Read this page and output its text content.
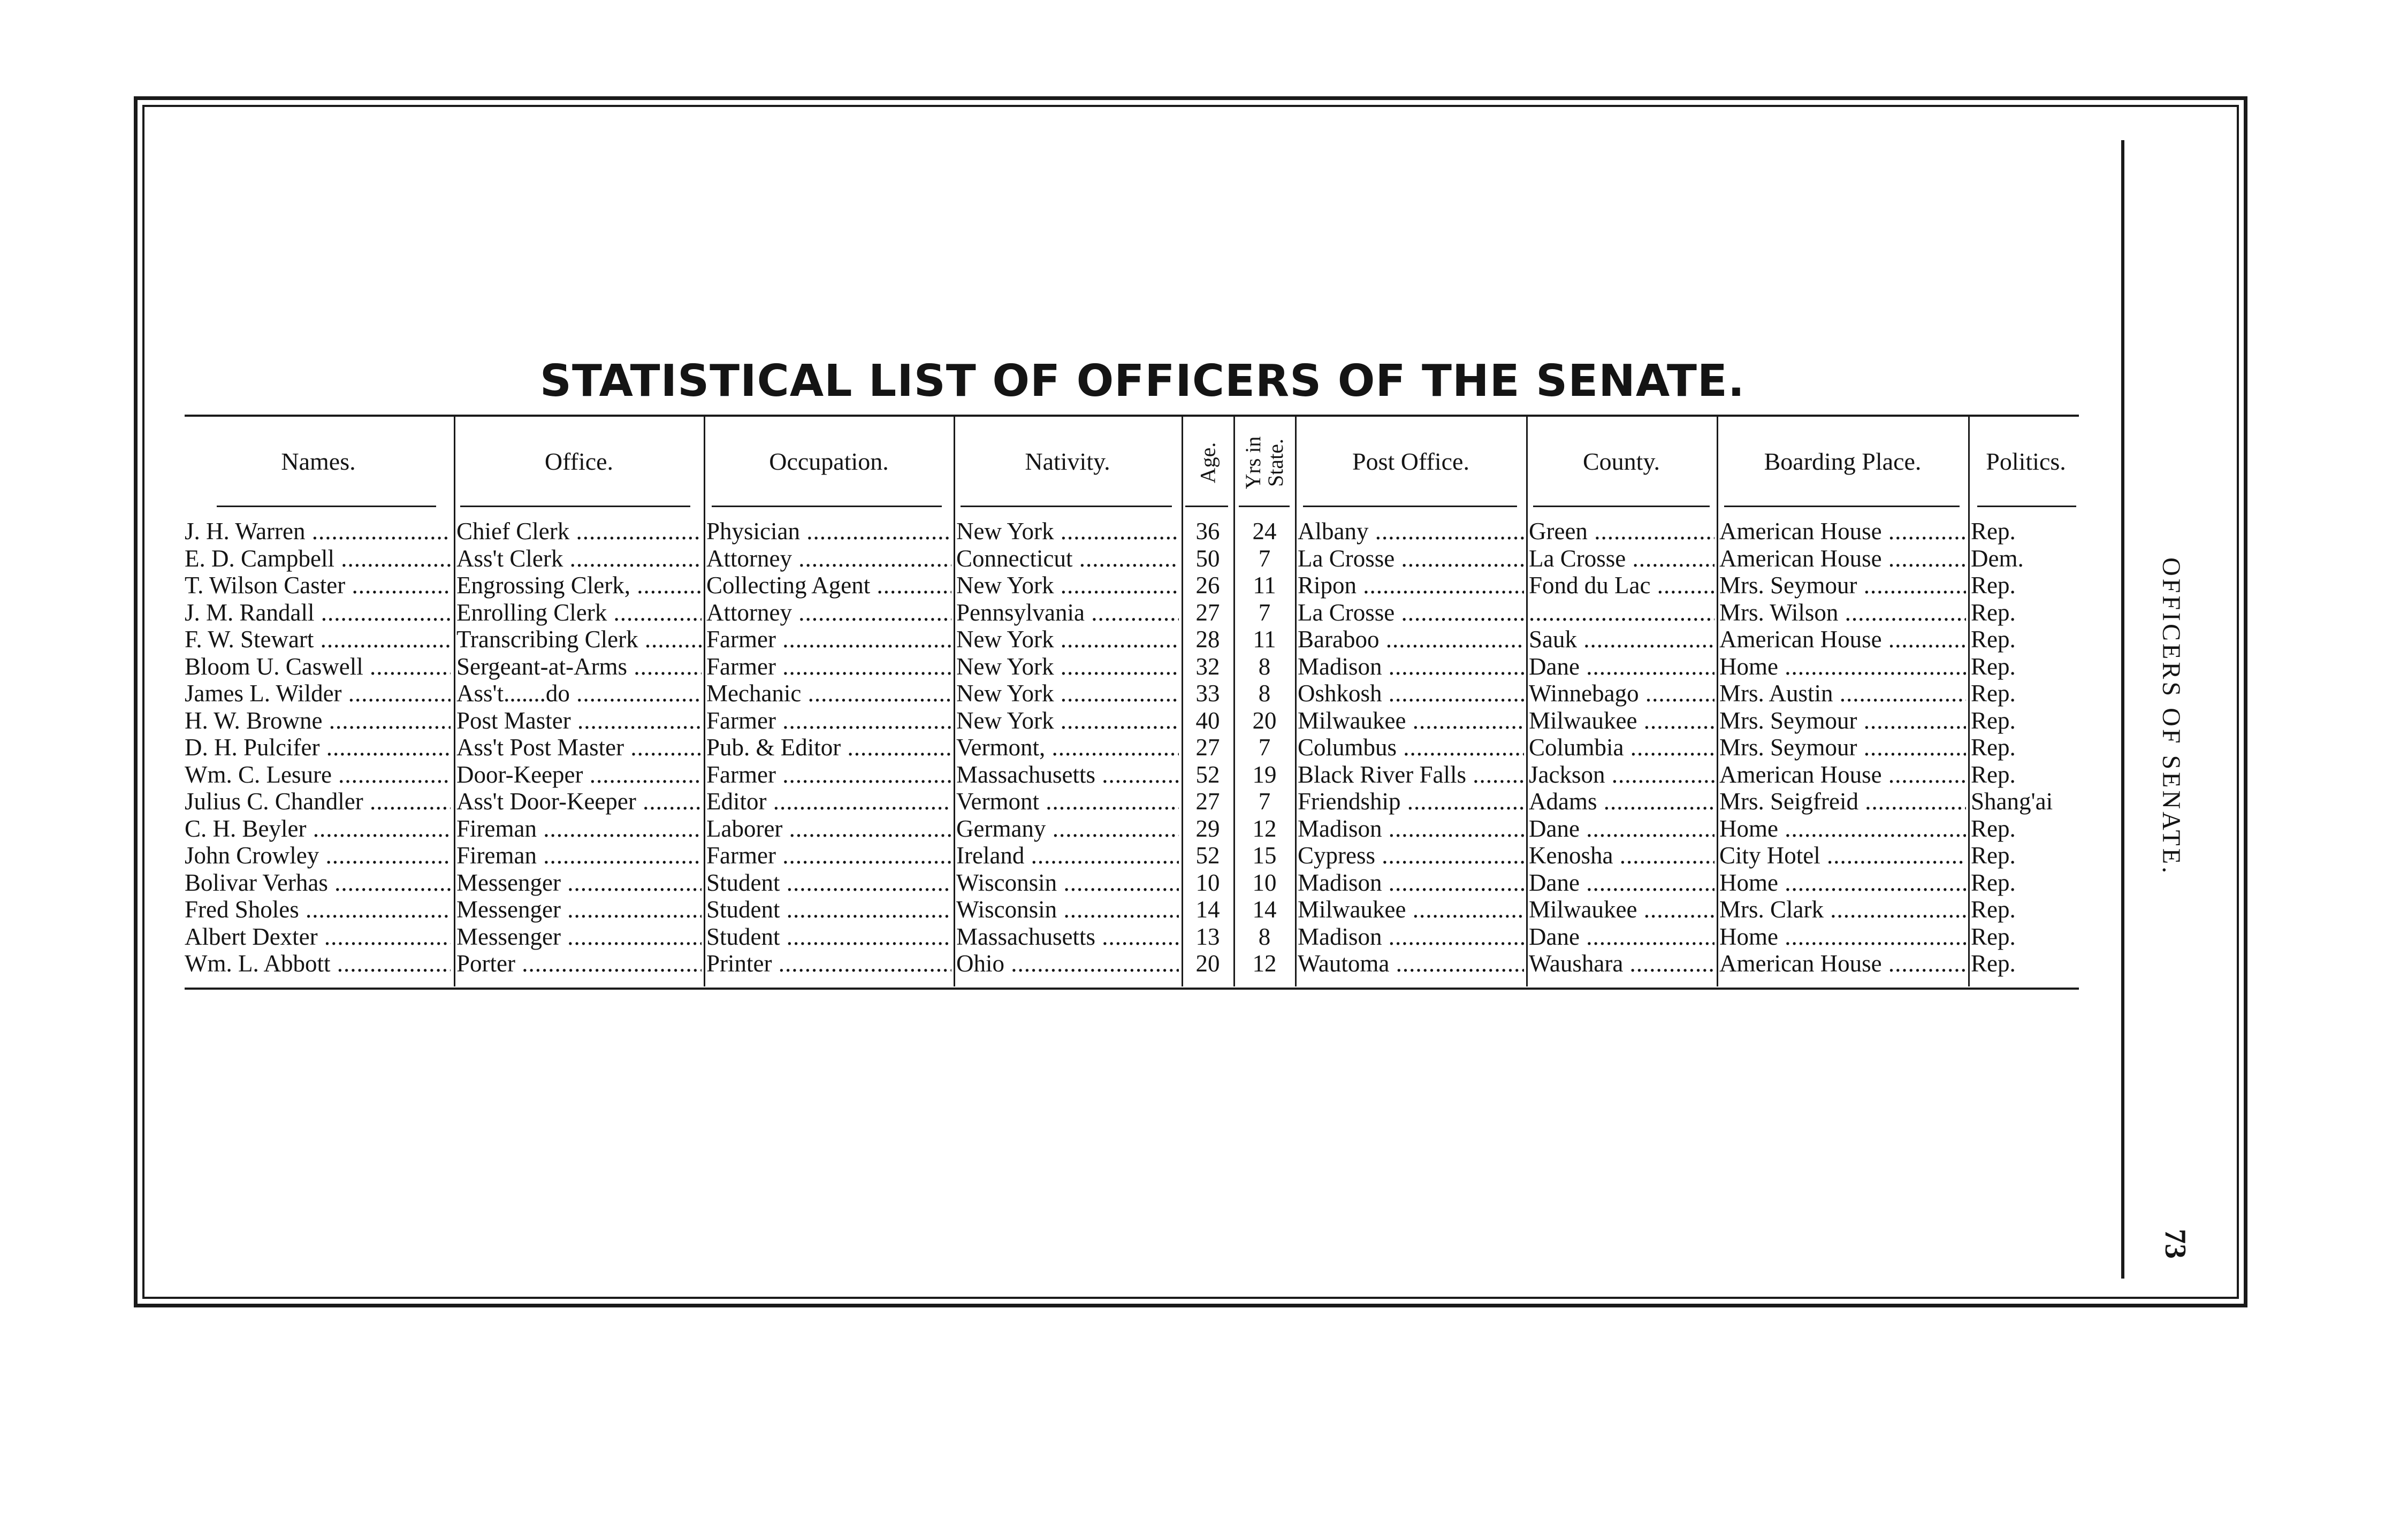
OFFICERS OF SENATE.
73
STATISTICAL LIST OF OFFICERS OF THE SENATE.
Names.	Office.	Occupation.	Nativity.	Age. Yrs in State.	Post Office.	County.	Boarding Place.	Politics.
J. H. Warren .....	Chief Clerk .....	Physician .....	New York .....	36	24 Albany .....	Green .....	American House .....	Rep.
E. D. Campbell .....	Ass't Clerk .....	Attorney .....	Connecticut .....	50	7	La Crosse .....	La Crosse .....	American House .....	Dem.
T. Wilson Caster .....	Engrossing Clerk, .....	Collecting Agent .....	New York .....	26	11 Ripon .....	Fond du Lac .....	Mrs. Seymour .....	Rep.
J. M. Randall .....	Enrolling Clerk .....	Attorney .....	Pennsylvania .....	27	7	La Crosse .....
.....	Mrs. Wilson .....	Rep.
F. W. Stewart .....	Transcribing Clerk .....	Farmer .....	New York .....	28	11 Baraboo .....	Sauk .....	American House .....	Rep.
Bloom U. Caswell .....	Sergeant-at-Arms .....	Farmer .....	New York .....	32	8	Madison .....	Dane .....	Home .....	Rep.
James L. Wilder .....	Ass't.......do .....	Mechanic .....	New York .....	33	8	Oshkosh .....	Winnebago .....	Mrs. Austin .....	Rep.
H. W. Browne .....	Post Master .....	Farmer .....	New York .....	40	20 Milwaukee .....	Milwaukee .....	Mrs. Seymour .....	Rep.
D. H. Pulcifer .....	Ass't Post Master .....	Pub. & Editor .....	Vermont, .....	27	7	Columbus .....	Columbia .....	Mrs. Seymour .....	Rep.
Wm. C. Lesure .....	Door-Keeper .....	Farmer .....	Massachusetts .....	52	19 Black River Falls .....	Jackson .....	American House .....	Rep.
Julius C. Chandler .....	Ass't Door-Keeper .....	Editor .....	Vermont .....	27	7	Friendship .....	Adams .....	Mrs. Seigfreid .....	Shang'ai
C. H. Beyler .....	Fireman .....	Laborer .....	Germany .....	29	12 Madison .....	Dane .....	Home .....	Rep.
John Crowley .....	Fireman .....	Farmer .....	Ireland .....	52	15 Cypress .....	Kenosha .....	City Hotel .....	Rep.
Bolivar Verhas .....	Messenger .....	Student .....	Wisconsin .....	10	10 Madison .....	Dane .....	Home .....	Rep.
Fred Sholes .....	Messenger .....	Student .....	Wisconsin .....	14	14 Milwaukee .....	Milwaukee .....	Mrs. Clark .....	Rep.
Albert Dexter .....	Messenger .....	Student .....	Massachusetts .....	13	8	Madison .....	Dane .....	Home .....	Rep.
Wm. L. Abbott .....	Porter .....	Printer .....	Ohio .....	20	12 Wautoma .....	Waushara .....	American House .....	Rep.
